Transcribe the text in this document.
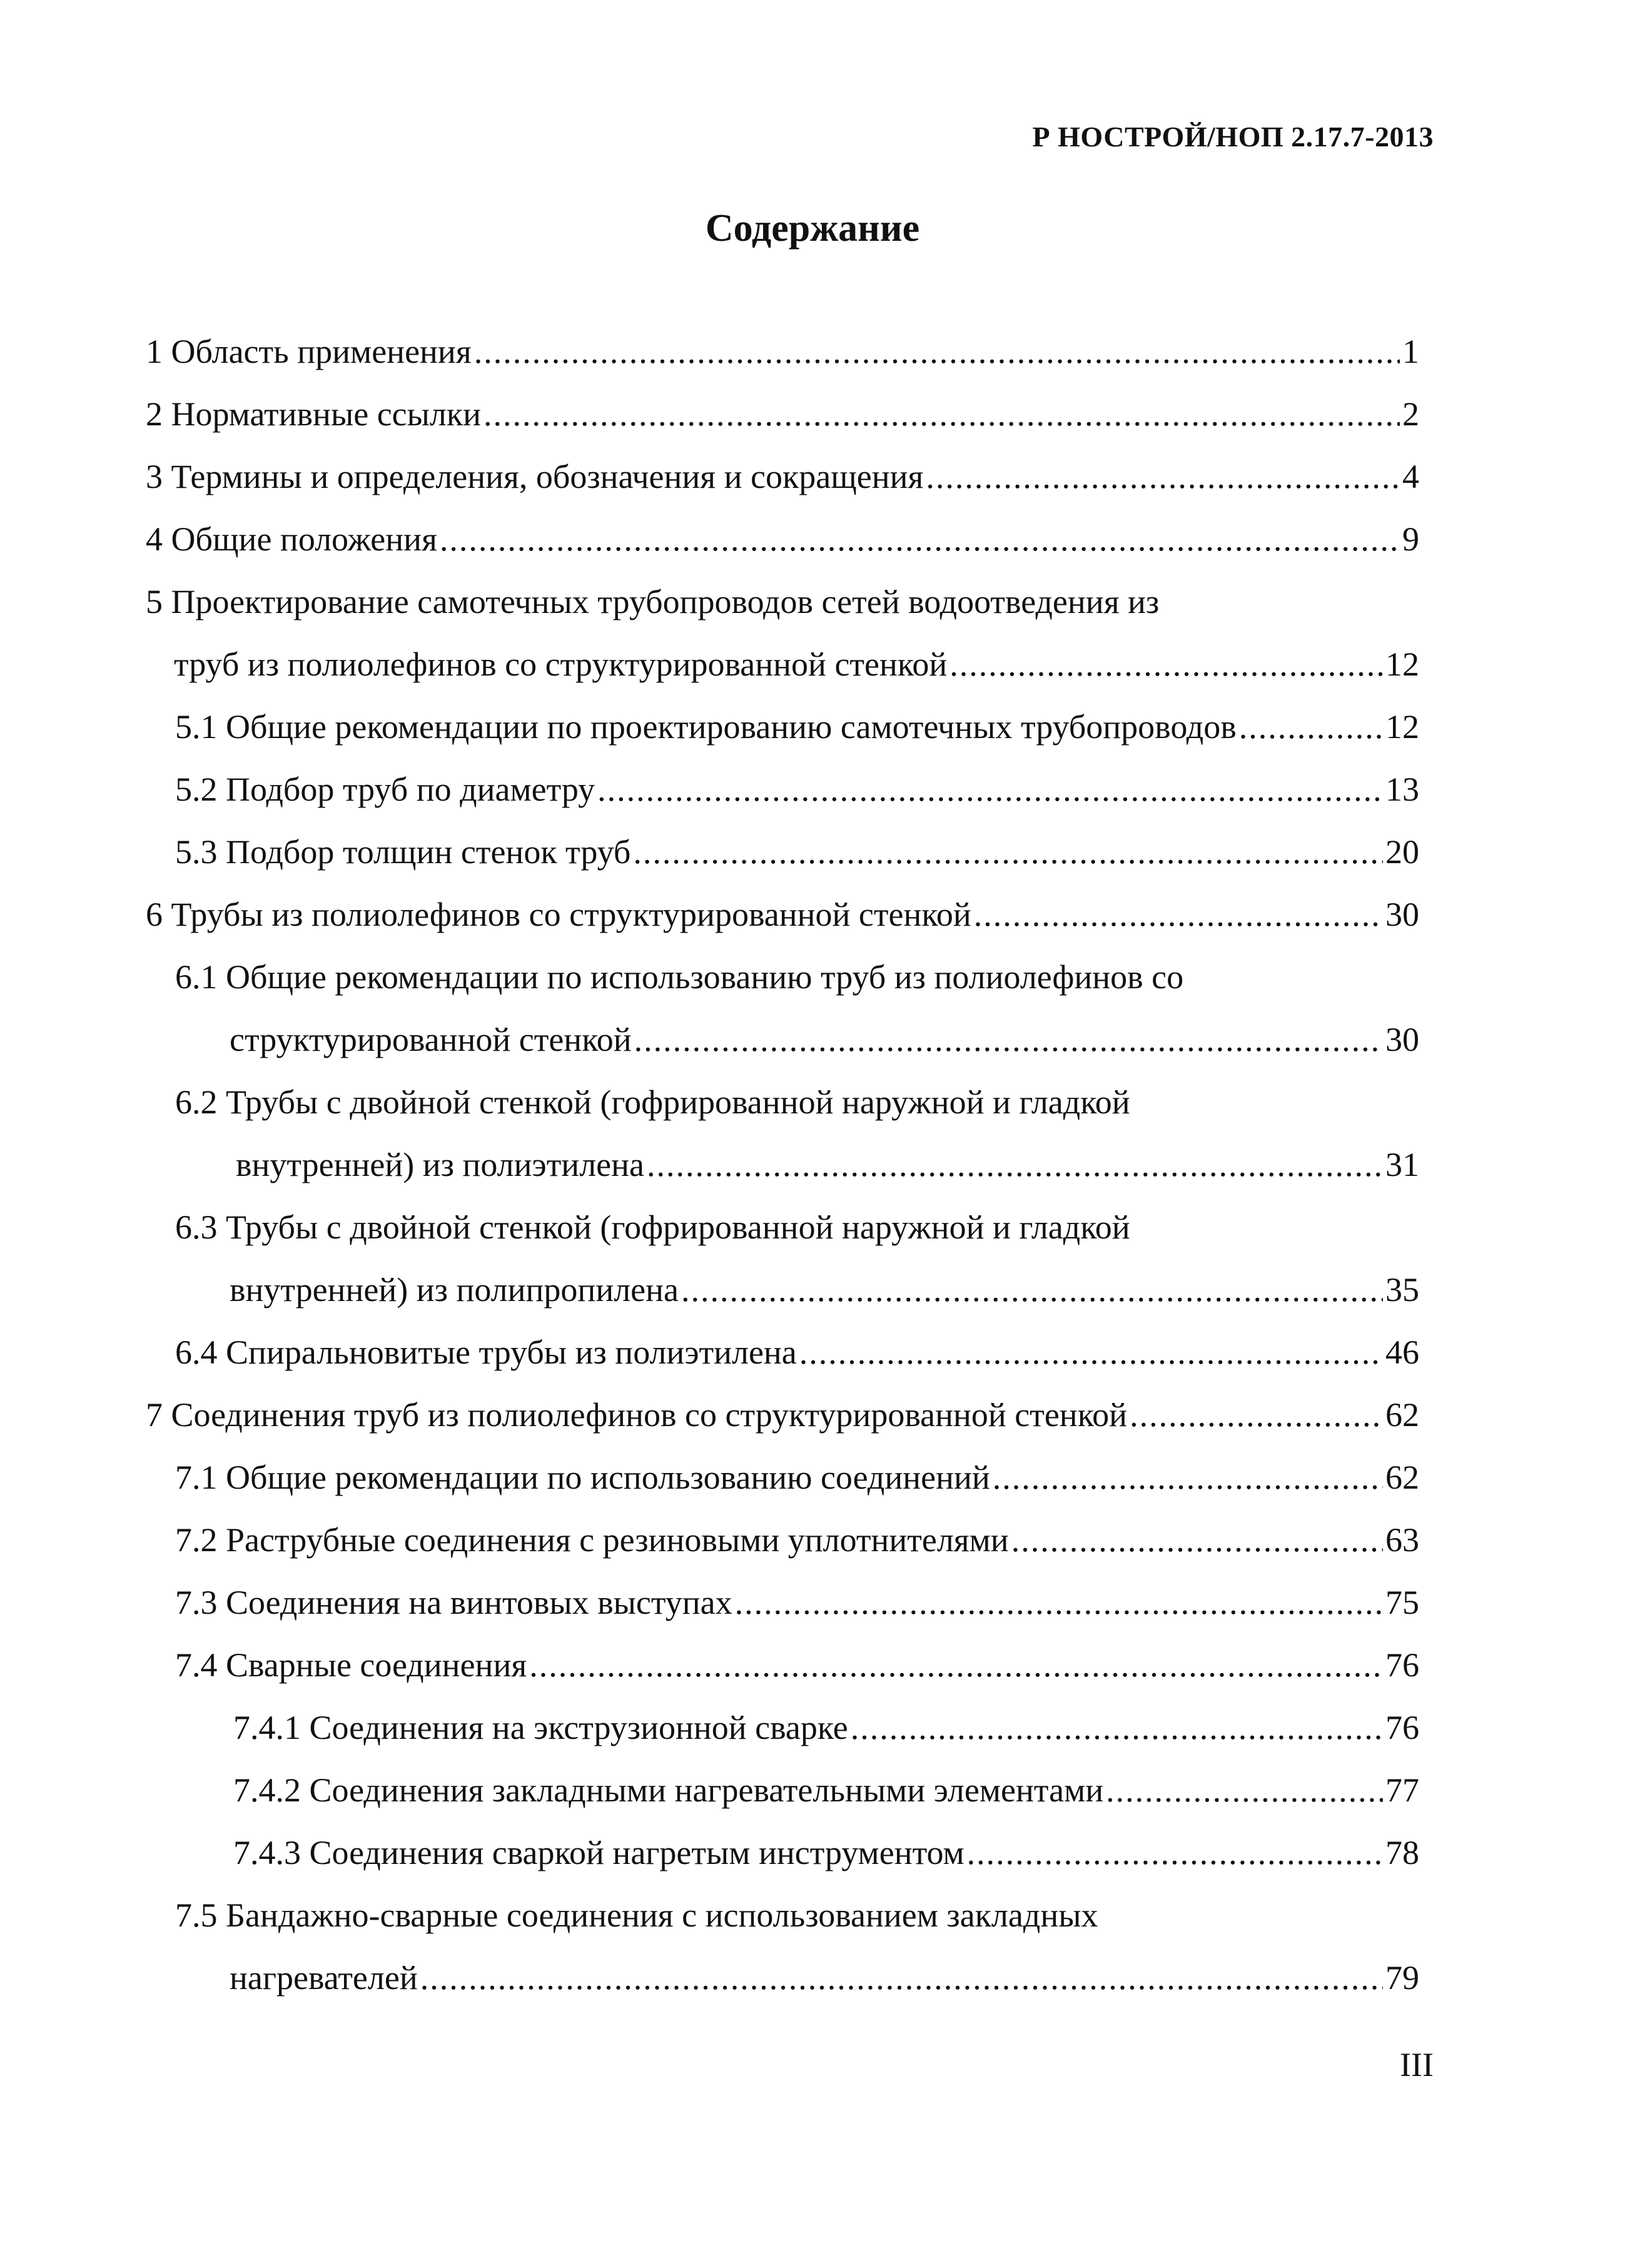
Р НОСТРОЙ/НОП 2.17.7-2013
Содержание
1 Область применения .....	1
2 Нормативные ссылки .....	2
3 Термины и определения, обозначения и сокращения .....	4
4 Общие положения .....	9
5 Проектирование самотечных трубопроводов сетей водоотведения из
труб из полиолефинов со структурированной стенкой .....	12
5.1 Общие рекомендации по проектированию самотечных трубопроводов .....	12
5.2 Подбор труб по диаметру .....	13
5.3 Подбор толщин стенок труб .....	20
6 Трубы из полиолефинов со структурированной стенкой .....	30
6.1 Общие рекомендации по использованию труб из полиолефинов со
структурированной стенкой .....	30
6.2 Трубы с двойной стенкой (гофрированной наружной и гладкой
внутренней) из полиэтилена .....	31
6.3 Трубы с двойной стенкой (гофрированной наружной и гладкой
внутренней) из полипропилена .....	35
6.4 Спиральновитые трубы из полиэтилена .....	46
7 Соединения труб из полиолефинов со структурированной стенкой .....	62
7.1 Общие рекомендации по использованию соединений .....	62
7.2 Раструбные соединения с резиновыми уплотнителями .....	63
7.3 Соединения на винтовых выступах .....	75
7.4 Сварные соединения .....	76
7.4.1 Соединения на экструзионной сварке .....	76
7.4.2 Соединения закладными нагревательными элементами .....	77
7.4.3 Соединения сваркой нагретым инструментом .....	78
7.5 Бандажно-сварные соединения с использованием закладных
нагревателей .....	79
III
